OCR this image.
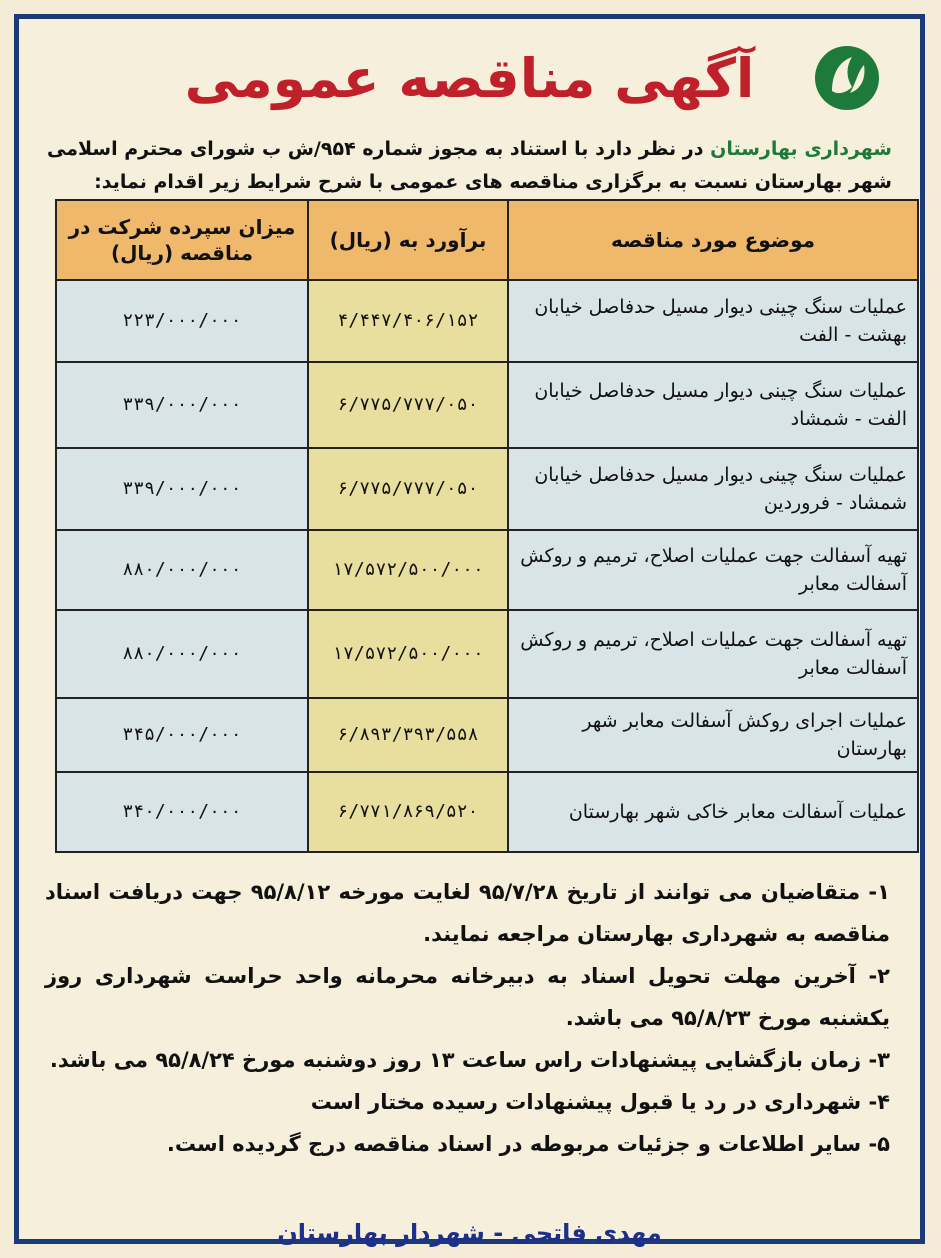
آگهی مناقصه عمومی
شهرداری بهارستان در نظر دارد با استناد به مجوز شماره ۹۵۴/ش ب شورای محترم اسلامی شهر بهارستان نسبت به برگزاری مناقصه های عمومی با شرح شرایط زیر اقدام نماید:
موضوع مورد مناقصه	برآورد به (ریال)	میزان سپرده شرکت در مناقصه (ریال)
عملیات سنگ چینی دیوار مسیل حدفاصل خیابان بهشت - الفت	۴/۴۴۷/۴۰۶/۱۵۲	۲۲۳/۰۰۰/۰۰۰
عملیات سنگ چینی دیوار مسیل حدفاصل خیابان الفت - شمشاد	۶/۷۷۵/۷۷۷/۰۵۰	۳۳۹/۰۰۰/۰۰۰
عملیات سنگ چینی دیوار مسیل حدفاصل خیابان شمشاد - فروردین	۶/۷۷۵/۷۷۷/۰۵۰	۳۳۹/۰۰۰/۰۰۰
تهیه آسفالت جهت عملیات اصلاح، ترمیم و روکش آسفالت معابر	۱۷/۵۷۲/۵۰۰/۰۰۰	۸۸۰/۰۰۰/۰۰۰
تهیه آسفالت جهت عملیات اصلاح، ترمیم و روکش آسفالت معابر	۱۷/۵۷۲/۵۰۰/۰۰۰	۸۸۰/۰۰۰/۰۰۰
عملیات اجرای روکش آسفالت معابر شهر بهارستان	۶/۸۹۳/۳۹۳/۵۵۸	۳۴۵/۰۰۰/۰۰۰
عملیات آسفالت معابر خاکی شهر بهارستان	۶/۷۷۱/۸۶۹/۵۲۰	۳۴۰/۰۰۰/۰۰۰
۱- متقاضیان می توانند از تاریخ ۹۵/۷/۲۸ لغایت مورخه ۹۵/۸/۱۲ جهت دریافت اسناد مناقصه به شهرداری بهارستان مراجعه نمایند.
۲- آخرین مهلت تحویل اسناد به دبیرخانه محرمانه واحد حراست شهرداری روز یکشنبه مورخ ۹۵/۸/۲۳ می باشد.
۳- زمان بازگشایی پیشنهادات راس ساعت ۱۳ روز دوشنبه مورخ ۹۵/۸/۲۴ می باشد.
۴- شهرداری در رد یا قبول پیشنهادات رسیده مختار است
۵- سایر اطلاعات و جزئیات مربوطه در اسناد مناقصه درج گردیده است.
مهدی فاتحی - شهردار بهارستان
